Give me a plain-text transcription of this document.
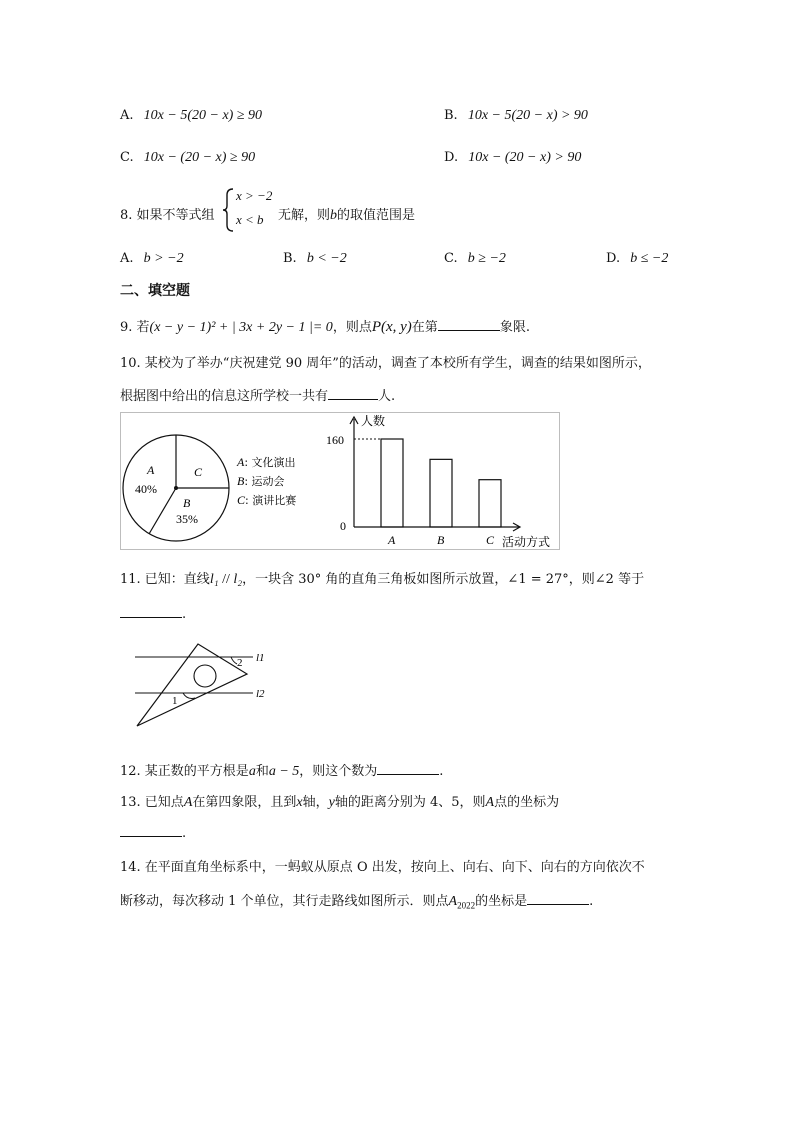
A. 10x − 5(20 − x) ≥ 90	B. 10x − 5(20 − x) > 90
C. 10x − (20 − x) ≥ 90	D. 10x − (20 − x) > 90
8. 如果不等式组
x > −2
x < b 无解，则b的取值范围是
A. b > −2	B. b < −2	C. b ≥ −2	D. b ≤ −2
二、填空题
9. 若(x − y − 1)² + | 3x + 2y − 1 |= 0，则点P(x, y)在第	象限.
10. 某校为了举办“庆祝建党 90 周年”的活动，调查了本校所有学生，调查的结果如图所示，
根据图中给出的信息这所学校一共有	人.
A
40%
C
B
35%
A: 文化演出
B: 运动会
C: 演讲比赛
人数
活动方式
160
0
A	B	C
11. 已知：直线l₁ // l₂，一块含 30° 角的直角三角板如图所示放置，∠1 = 27°，则∠2 等于
.
l1
l2
2
1
12. 某正数的平方根是a和a − 5，则这个数为	.
13. 已知点A在第四象限，且到x轴，y轴的距离分别为 4、5，则A点的坐标为
.
14. 在平面直角坐标系中，一蚂蚁从原点 O 出发，按向上、向右、向下、向右的方向依次不
断移动，每次移动 1 个单位，其行走路线如图所示．则点$A_{2022}$的坐标是	.
